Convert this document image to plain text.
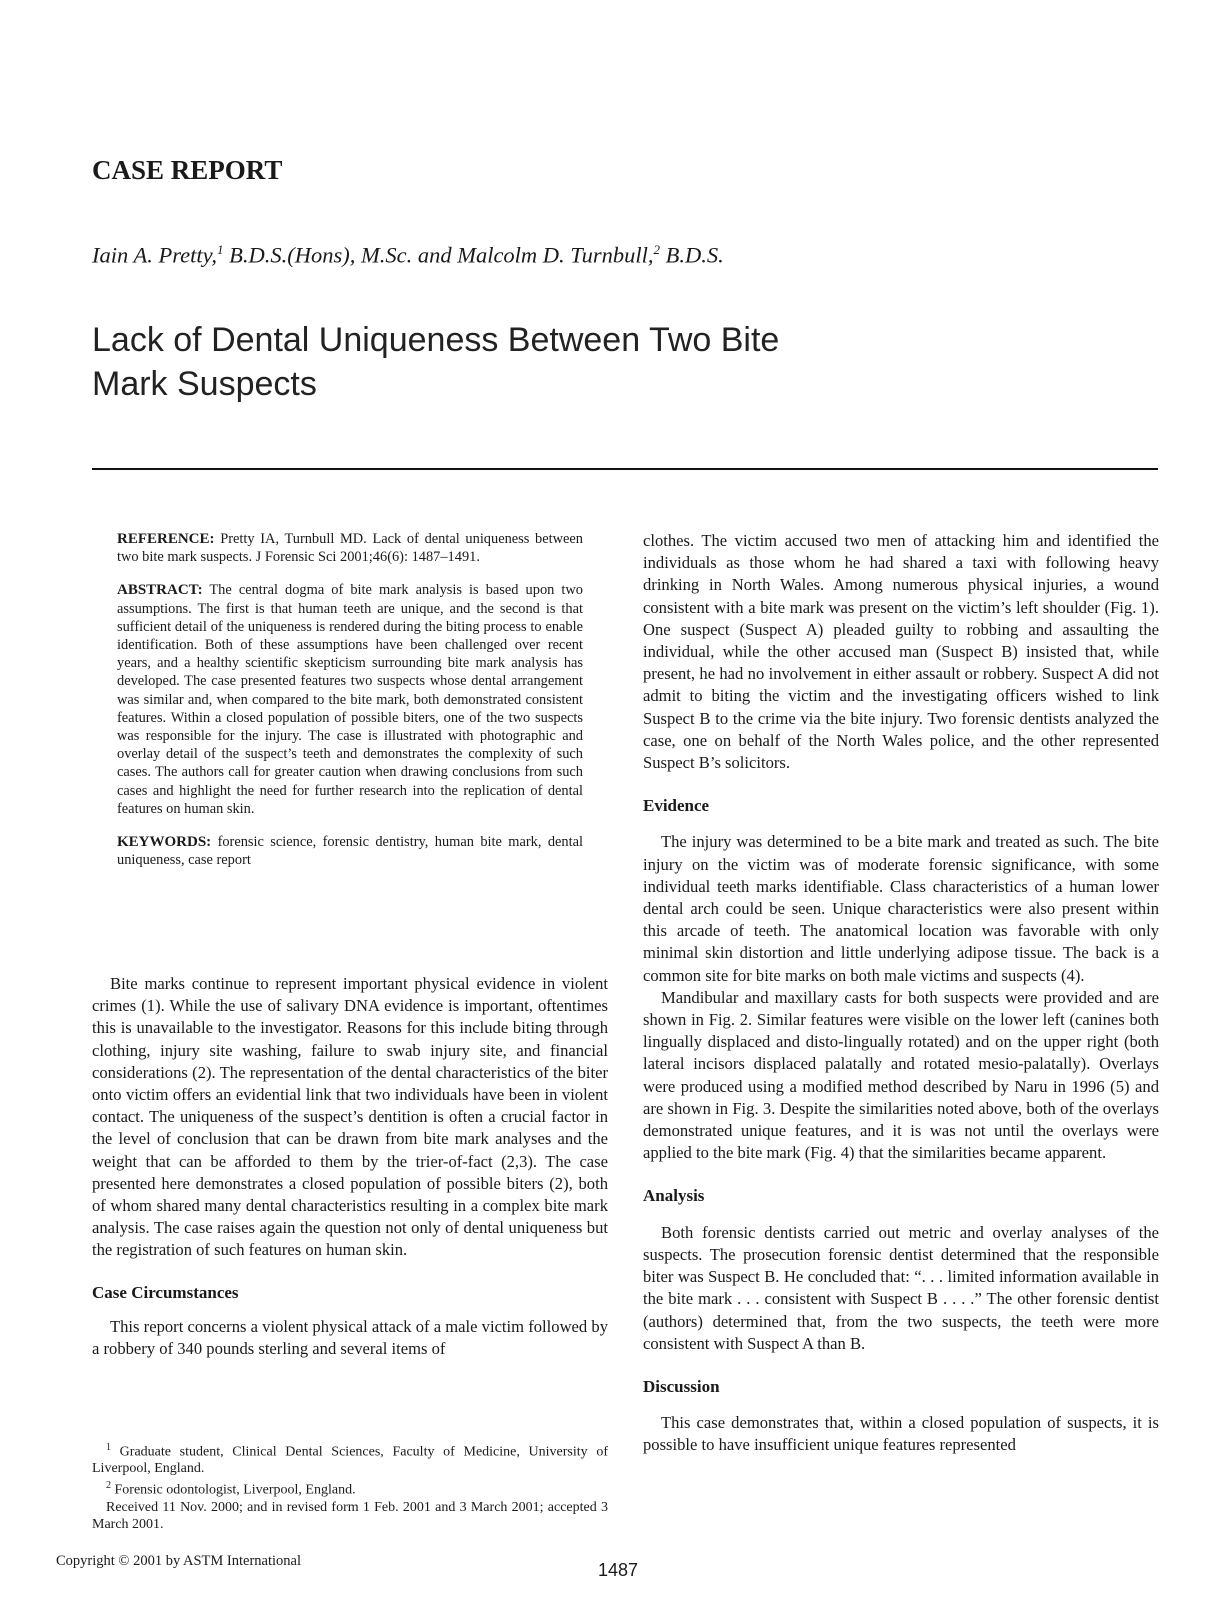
CASE REPORT
Iain A. Pretty,$^1$ B.D.S.(Hons), M.Sc. and Malcolm D. Turnbull,$^2$ B.D.S.
Lack of Dental Uniqueness Between Two Bite
Mark Suspects

REFERENCE: Pretty IA, Turnbull MD. Lack of dental uniqueness between two bite mark suspects. J Forensic Sci 2001;46(6): 1487–1491.

ABSTRACT: The central dogma of bite mark analysis is based upon two assumptions. The first is that human teeth are unique, and the second is that sufficient detail of the uniqueness is rendered during the biting process to enable identification. Both of these assumptions have been challenged over recent years, and a healthy scientific skepticism surrounding bite mark analysis has developed. The case presented features two suspects whose dental arrangement was similar and, when compared to the bite mark, both demonstrated consistent features. Within a closed population of possible biters, one of the two suspects was responsible for the injury. The case is illustrated with photographic and overlay detail of the suspect’s teeth and demonstrates the complexity of such cases. The authors call for greater caution when drawing conclusions from such cases and highlight the need for further research into the replication of dental features on human skin.

KEYWORDS: forensic science, forensic dentistry, human bite mark, dental uniqueness, case report

Bite marks continue to represent important physical evidence in violent crimes (1). While the use of salivary DNA evidence is important, oftentimes this is unavailable to the investigator. Reasons for this include biting through clothing, injury site washing, failure to swab injury site, and financial considerations (2). The representation of the dental characteristics of the biter onto victim offers an evidential link that two individuals have been in violent contact. The uniqueness of the suspect’s dentition is often a crucial factor in the level of conclusion that can be drawn from bite mark analyses and the weight that can be afforded to them by the trier-of-fact (2,3). The case presented here demonstrates a closed population of possible biters (2), both of whom shared many dental characteristics resulting in a complex bite mark analysis. The case raises again the question not only of dental uniqueness but the registration of such features on human skin.

Case Circumstances

This report concerns a violent physical attack of a male victim followed by a robbery of 340 pounds sterling and several items of

$^1$ Graduate student, Clinical Dental Sciences, Faculty of Medicine, University of Liverpool, England.

$^2$ Forensic odontologist, Liverpool, England.

Received 11 Nov. 2000; and in revised form 1 Feb. 2001 and 3 March 2001; accepted 3 March 2001.

Copyright © 2001 by ASTM International	1487

clothes. The victim accused two men of attacking him and identified the individuals as those whom he had shared a taxi with following heavy drinking in North Wales. Among numerous physical injuries, a wound consistent with a bite mark was present on the victim’s left shoulder (Fig. 1). One suspect (Suspect A) pleaded guilty to robbing and assaulting the individual, while the other accused man (Suspect B) insisted that, while present, he had no involvement in either assault or robbery. Suspect A did not admit to biting the victim and the investigating officers wished to link Suspect B to the crime via the bite injury. Two forensic dentists analyzed the case, one on behalf of the North Wales police, and the other represented Suspect B’s solicitors.

Evidence

The injury was determined to be a bite mark and treated as such. The bite injury on the victim was of moderate forensic significance, with some individual teeth marks identifiable. Class characteristics of a human lower dental arch could be seen. Unique characteristics were also present within this arcade of teeth. The anatomical location was favorable with only minimal skin distortion and little underlying adipose tissue. The back is a common site for bite marks on both male victims and suspects (4).

Mandibular and maxillary casts for both suspects were provided and are shown in Fig. 2. Similar features were visible on the lower left (canines both lingually displaced and disto-lingually rotated) and on the upper right (both lateral incisors displaced palatally and rotated mesio-palatally). Overlays were produced using a modified method described by Naru in 1996 (5) and are shown in Fig. 3. Despite the similarities noted above, both of the overlays demonstrated unique features, and it is was not until the overlays were applied to the bite mark (Fig. 4) that the similarities became apparent.

Analysis

Both forensic dentists carried out metric and overlay analyses of the suspects. The prosecution forensic dentist determined that the responsible biter was Suspect B. He concluded that: “. . . limited information available in the bite mark . . . consistent with Suspect B . . . .” The other forensic dentist (authors) determined that, from the two suspects, the teeth were more consistent with Suspect A than B.

Discussion

This case demonstrates that, within a closed population of suspects, it is possible to have insufficient unique features represented
